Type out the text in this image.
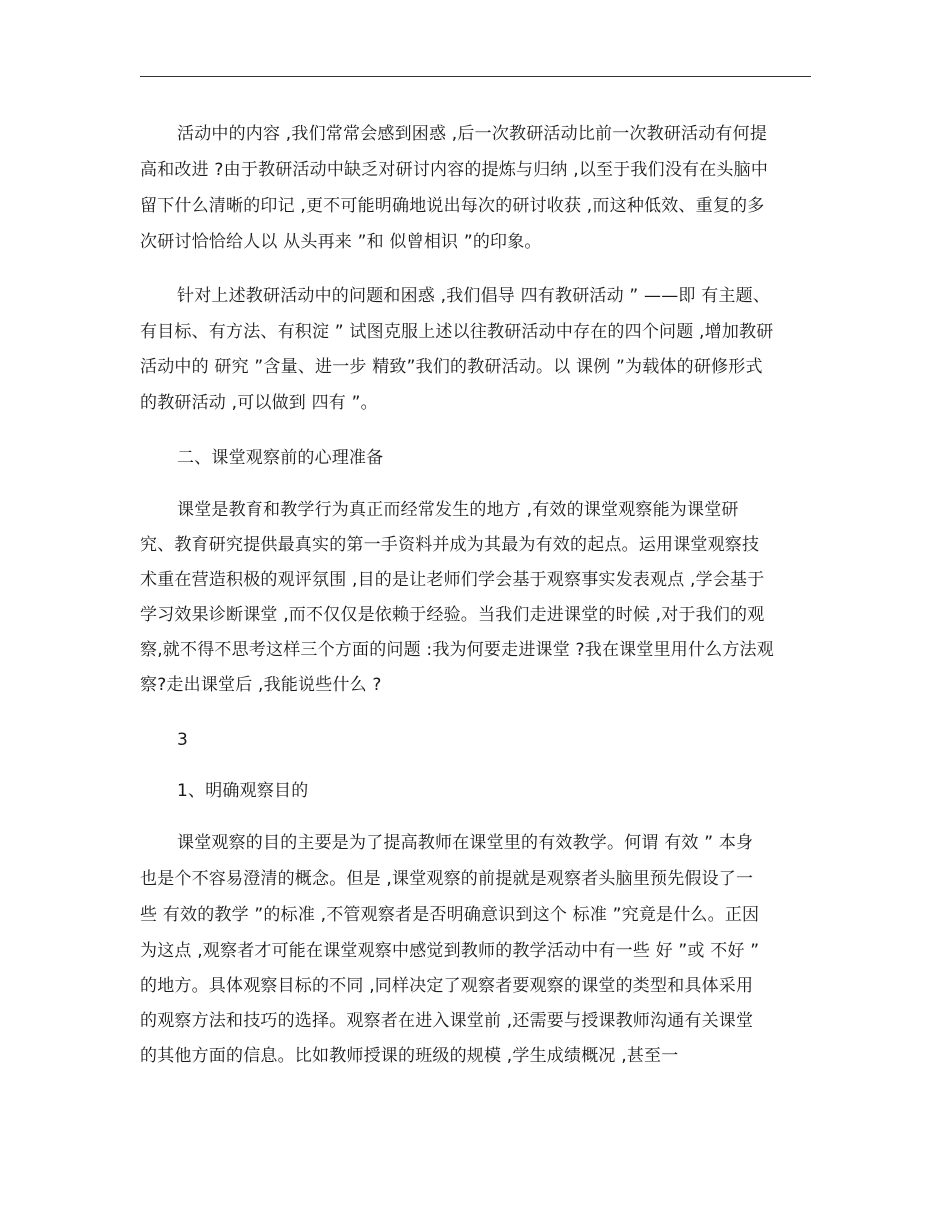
活动中的内容 ,我们常常会感到困惑 ,后一次教研活动比前一次教研活动有何提
高和改进 ?由于教研活动中缺乏对研讨内容的提炼与归纳 ,以至于我们没有在头脑中
留下什么清晰的印记 ,更不可能明确地说出每次的研讨收获 ,而这种低效、重复的多
次研讨恰恰给人以 从头再来 ”和 似曾相识 ”的印象。
针对上述教研活动中的问题和困惑 ,我们倡导 四有教研活动 ” ——即 有主题、
有目标、有方法、有积淀 ” 试图克服上述以往教研活动中存在的四个问题 ,增加教研
活动中的 研究 ”含量、进一步 精致”我们的教研活动。以 课例 ”为载体的研修形式
的教研活动 ,可以做到 四有 ”。
二、课堂观察前的心理准备
课堂是教育和教学行为真正而经常发生的地方 ,有效的课堂观察能为课堂研
究、教育研究提供最真实的第一手资料并成为其最为有效的起点。运用课堂观察技
术重在营造积极的观评氛围 ,目的是让老师们学会基于观察事实发表观点 ,学会基于
学习效果诊断课堂 ,而不仅仅是依赖于经验。当我们走进课堂的时候 ,对于我们的观
察,就不得不思考这样三个方面的问题 :我为何要走进课堂 ?我在课堂里用什么方法观
察?走出课堂后 ,我能说些什么 ?
3
1、明确观察目的
课堂观察的目的主要是为了提高教师在课堂里的有效教学。何谓 有效 ” 本身
也是个不容易澄清的概念。但是 ,课堂观察的前提就是观察者头脑里预先假设了一
些 有效的教学 ”的标准 ,不管观察者是否明确意识到这个 标准 ”究竟是什么。正因
为这点 ,观察者才可能在课堂观察中感觉到教师的教学活动中有一些 好 ”或 不好 ”
的地方。具体观察目标的不同 ,同样决定了观察者要观察的课堂的类型和具体采用
的观察方法和技巧的选择。观察者在进入课堂前 ,还需要与授课教师沟通有关课堂
的其他方面的信息。比如教师授课的班级的规模 ,学生成绩概况 ,甚至一
